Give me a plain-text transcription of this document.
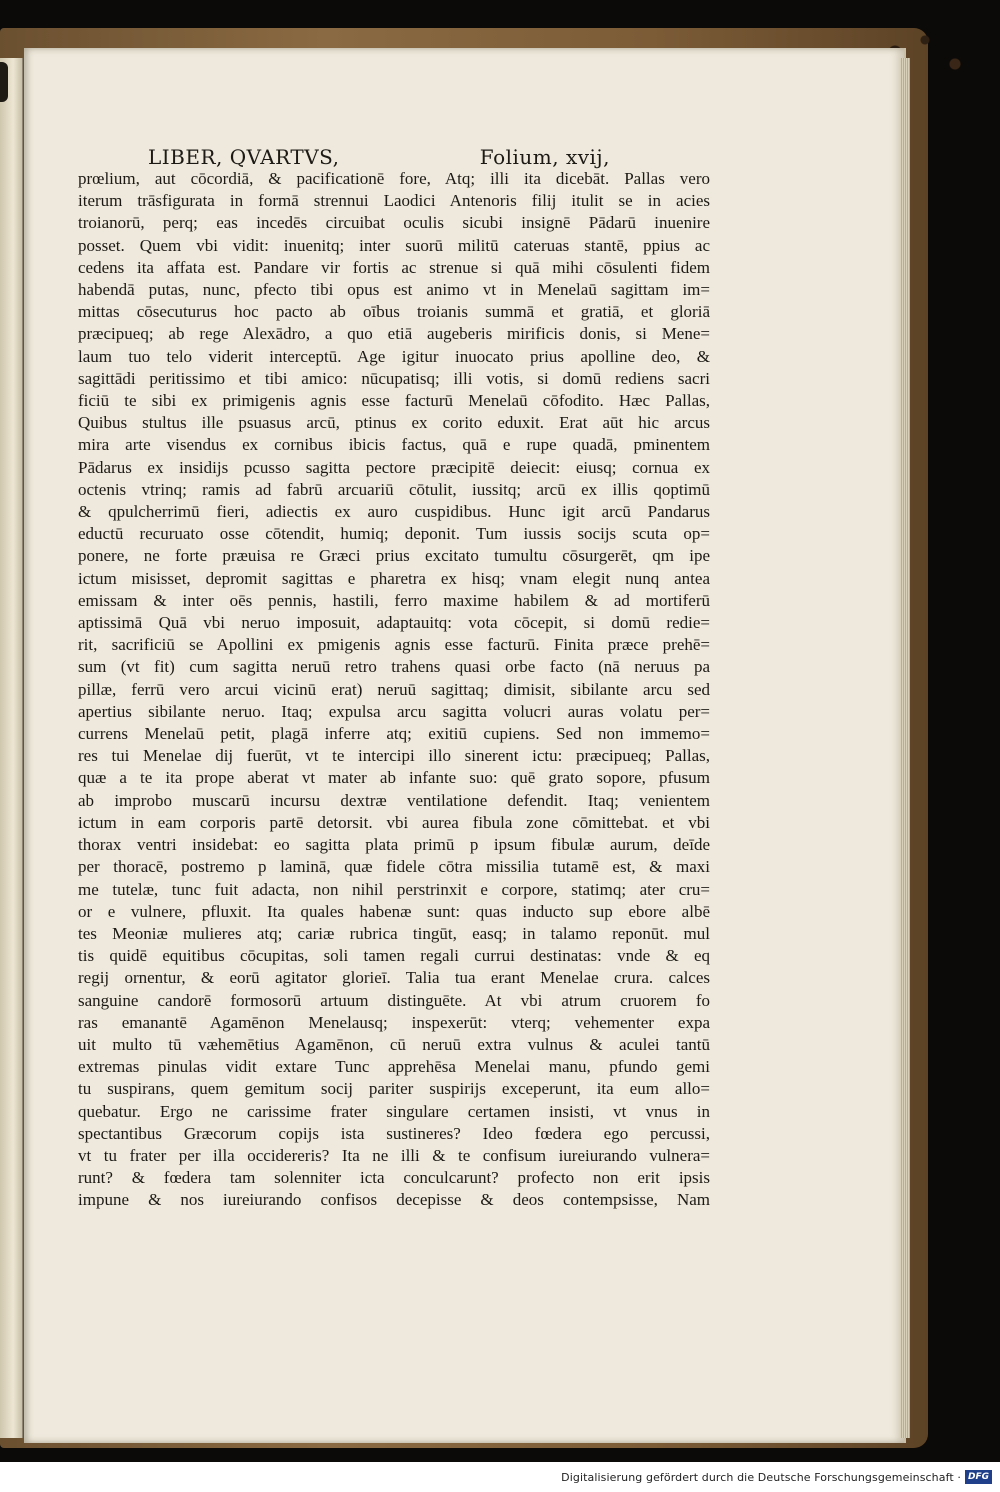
LIBER, QVARTVS,	Folium, xvij,
prœlium, aut cōcordiā, & pacificationē fore, Atq; illi ita dicebāt. Pallas vero
iterum trāsfigurata in formā strennui Laodici Antenoris filij itulit se in acies
troianorū, perq; eas incedēs circuibat oculis sicubi insignē Pādarū inuenire
posset. Quem vbi vidit: inuenitq; inter suorū militū cateruas stantē, ppius ac
cedens ita affata est. Pandare vir fortis ac strenue si quā mihi cōsulenti fidem
habendā putas, nunc, pfecto tibi opus est animo vt in Menelaū sagittam im=
mittas cōsecuturus hoc pacto ab oībus troianis summā et gratiā, et gloriā
præcipueq; ab rege Alexādro, a quo etiā augeberis mirificis donis, si Mene=
laum tuo telo viderit interceptū. Age igitur inuocato prius apolline deo, &
sagittādi peritissimo et tibi amico: nūcupatisq; illi votis, si domū rediens sacri
ficiū te sibi ex primigenis agnis esse facturū Menelaū cōfodito. Hæc Pallas,
Quibus stultus ille psuasus arcū, ptinus ex corito eduxit. Erat aūt hic arcus
mira arte visendus ex cornibus ibicis factus, quā e rupe quadā, pminentem
Pādarus ex insidijs pcusso sagitta pectore præcipitē deiecit: eiusq; cornua ex
octenis vtrinq; ramis ad fabrū arcuariū cōtulit, iussitq; arcū ex illis qoptimū
& qpulcherrimū fieri, adiectis ex auro cuspidibus. Hunc igit arcū Pandarus
eductū recuruato osse cōtendit, humiq; deponit. Tum iussis socijs scuta op=
ponere, ne forte præuisa re Græci prius excitato tumultu cōsurgerēt, qm ipe
ictum misisset, depromit sagittas e pharetra ex hisq; vnam elegit nunq antea
emissam & inter oēs pennis, hastili, ferro maxime habilem & ad mortiferū
aptissimā Quā vbi neruo imposuit, adaptauitq: vota cōcepit, si domū redie=
rit, sacrificiū se Apollini ex pmigenis agnis esse facturū. Finita præce prehē=
sum (vt fit) cum sagitta neruū retro trahens quasi orbe facto (nā neruus pa
pillæ, ferrū vero arcui vicinū erat) neruū sagittaq; dimisit, sibilante arcu sed
apertius sibilante neruo. Itaq; expulsa arcu sagitta volucri auras volatu per=
currens Menelaū petit, plagā inferre atq; exitiū cupiens. Sed non immemo=
res tui Menelae dij fuerūt, vt te intercipi illo sinerent ictu: præcipueq; Pallas,
quæ a te ita prope aberat vt mater ab infante suo: quē grato sopore, pfusum
ab improbo muscarū incursu dextræ ventilatione defendit. Itaq; venientem
ictum in eam corporis partē detorsit. vbi aurea fibula zone cōmittebat. et vbi
thorax ventri insidebat: eo sagitta plata primū p ipsum fibulæ aurum, deīde
per thoracē, postremo p laminā, quæ fidele cōtra missilia tutamē est, & maxi
me tutelæ, tunc fuit adacta, non nihil perstrinxit e corpore, statimq; ater cru=
or e vulnere, pfluxit. Ita quales habenæ sunt: quas inducto sup ebore albē
tes Meoniæ mulieres atq; cariæ rubrica tingūt, easq; in talamo reponūt. mul
tis quidē equitibus cōcupitas, soli tamen regali currui destinatas: vnde & eq
regij ornentur, & eorū agitator glorieī. Talia tua erant Menelae crura. calces
sanguine candorē formosorū artuum distinguēte. At vbi atrum cruorem fo
ras emanantē Agamēnon Menelausq; inspexerūt: vterq; vehementer expa
uit multo tū væhemētius Agamēnon, cū neruū extra vulnus & aculei tantū
extremas pinulas vidit extare Tunc apprehēsa Menelai manu, pfundo gemi
tu suspirans, quem gemitum socij pariter suspirijs exceperunt, ita eum allo=
quebatur. Ergo ne carissime frater singulare certamen insisti, vt vnus in
spectantibus Græcorum copijs ista sustineres? Ideo fœdera ego percussi,
vt tu frater per illa occidereris? Ita ne illi & te confisum iureiurando vulnera=
runt? & fœdera tam solenniter icta conculcarunt? profecto non erit ipsis
impune & nos iureiurando confisos decepisse & deos contempsisse, Nam
Digitalisierung gefördert durch die Deutsche Forschungsgemeinschaft · DFG
